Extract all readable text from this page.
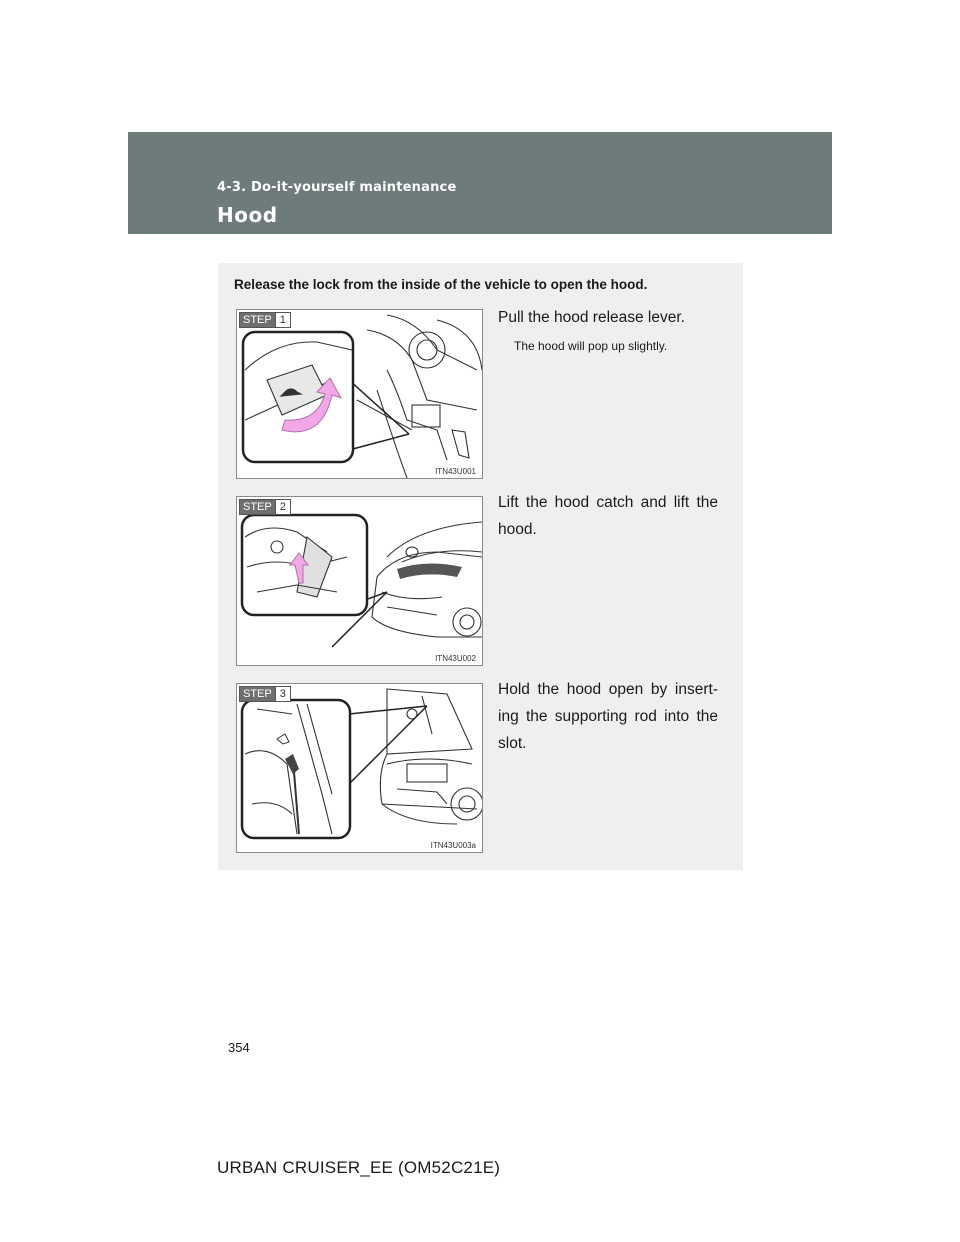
4-3. Do-it-yourself maintenance
Hood
Release the lock from the inside of the vehicle to open the hood.
STEP 1
ITN43U001
Pull the hood release lever.
The hood will pop up slightly.
STEP 2
ITN43U002
Lift the hood catch and lift the hood.
STEP 3
ITN43U003a
Hold the hood open by insert-ing the supporting rod into the slot.
354
URBAN CRUISER_EE (OM52C21E)
